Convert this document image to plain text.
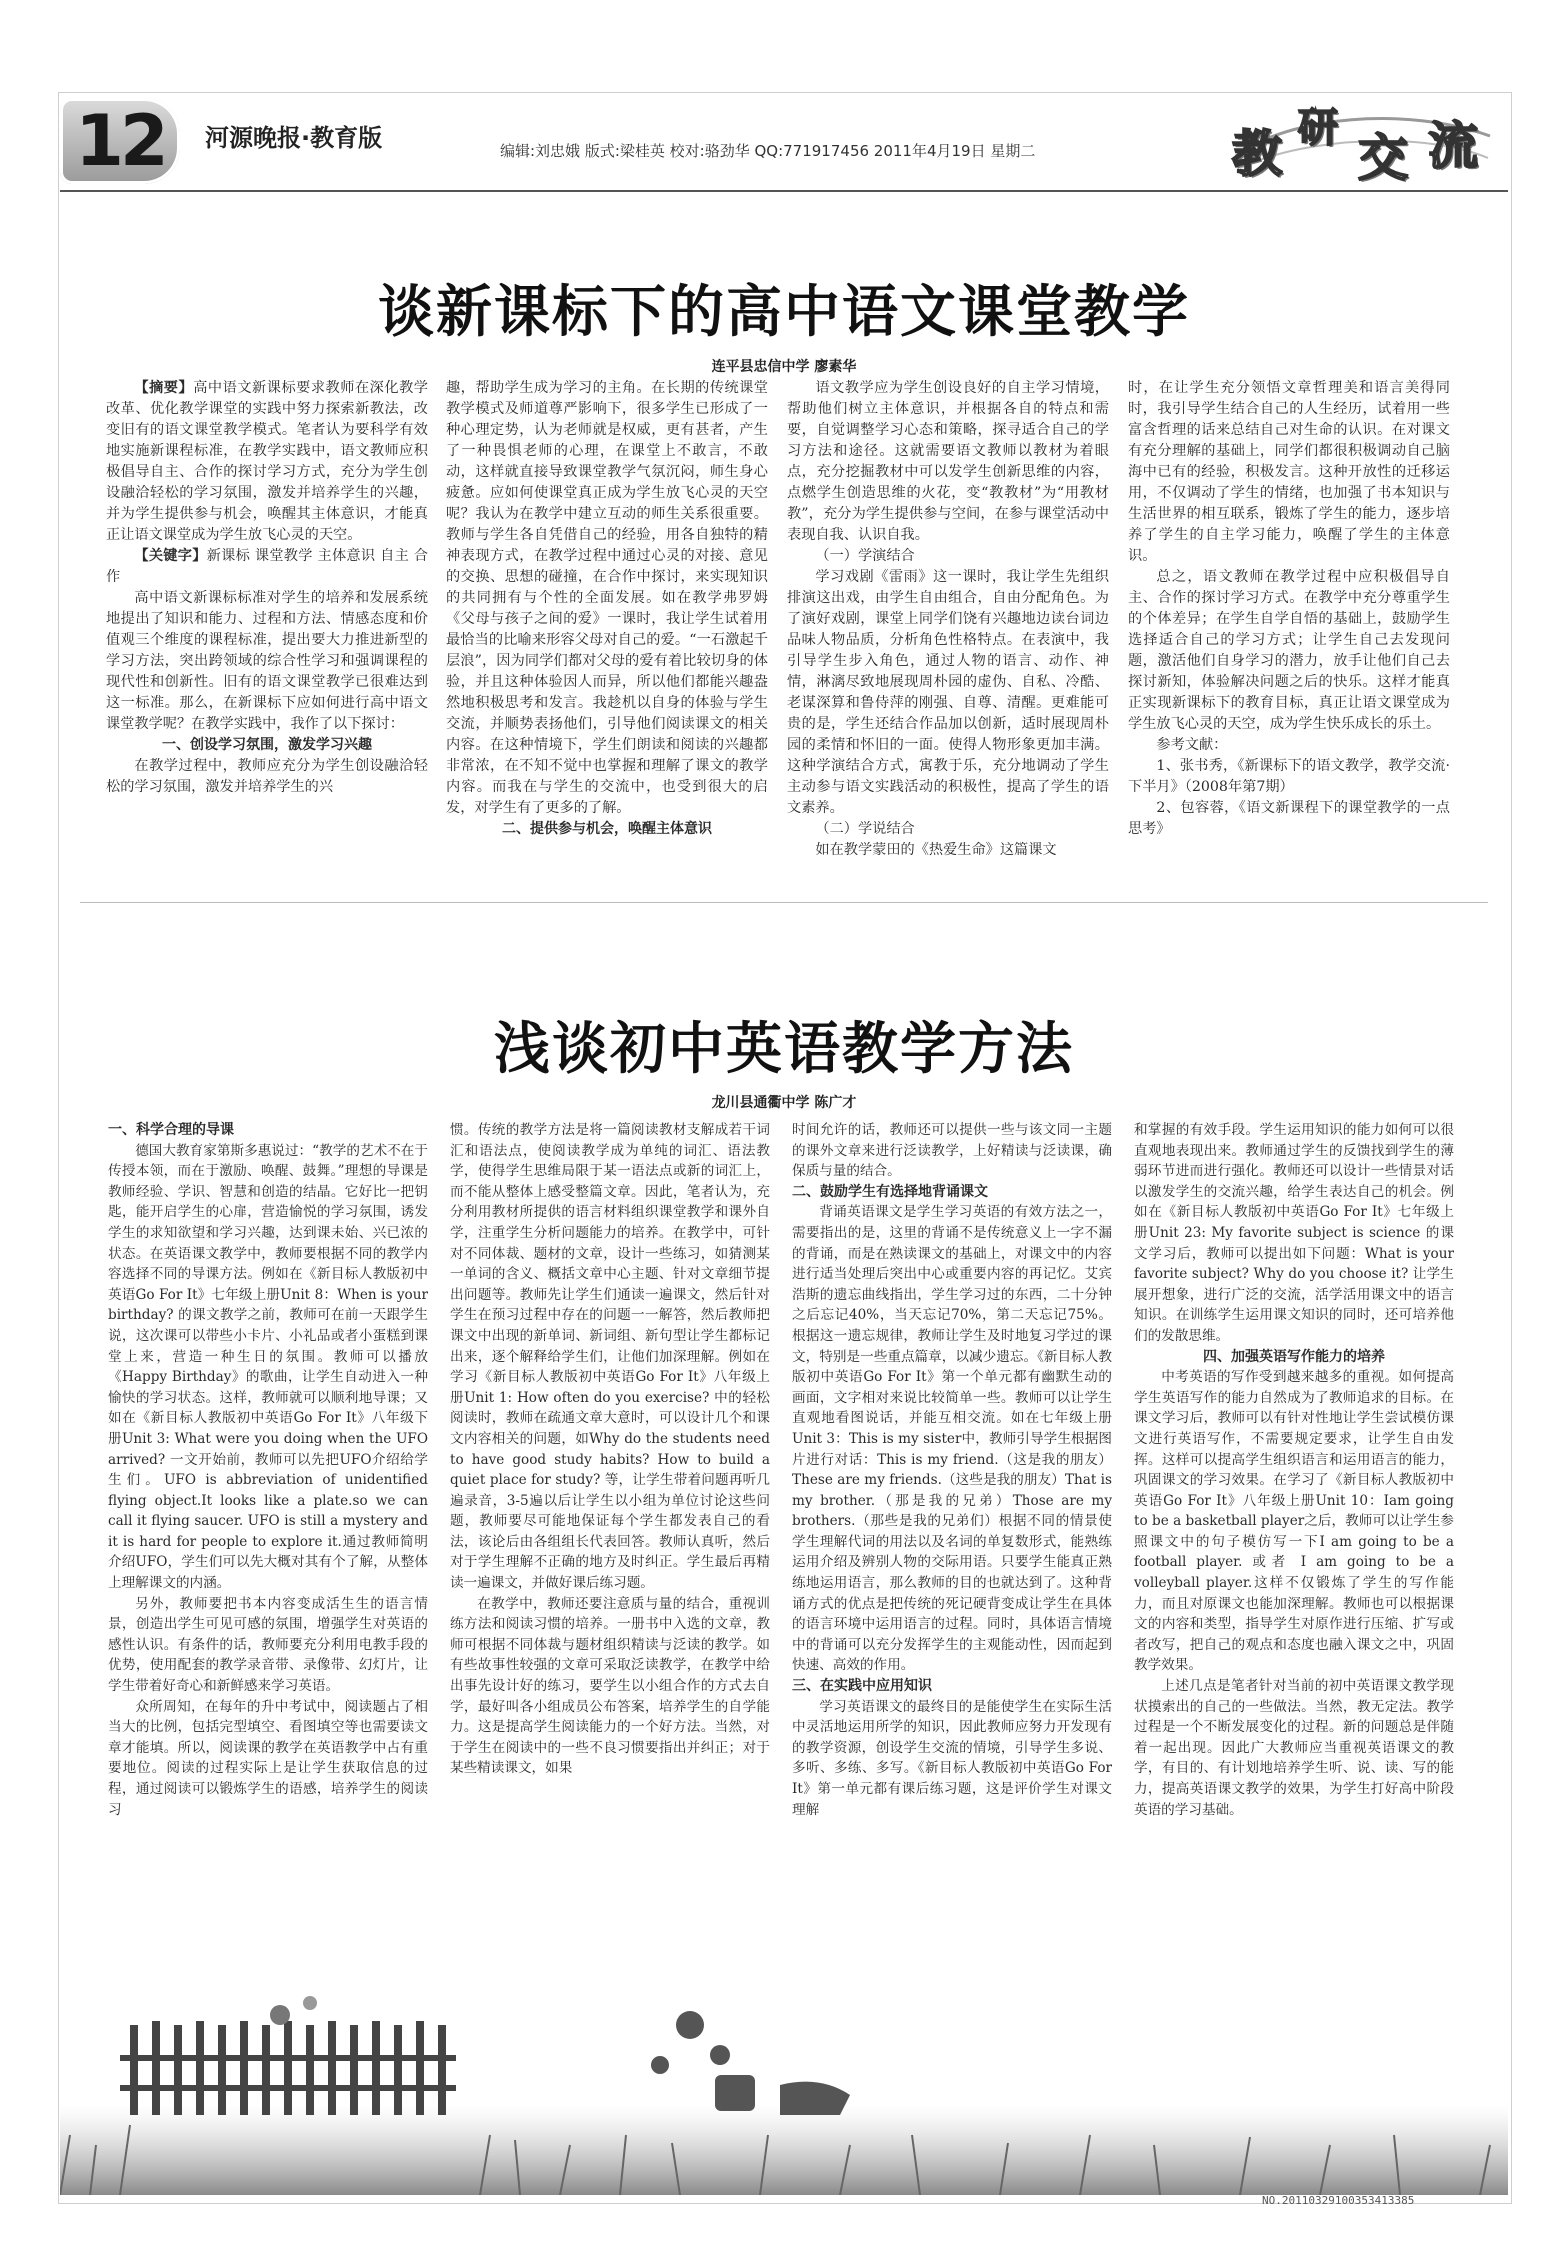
12	河源晚报·教育版	编辑:刘忠娥 版式:梁桂英 校对:骆劲华 QQ:771917456 2011年4月19日 星期二	教 研
交 流
谈新课标下的高中语文课堂教学
连平县忠信中学 廖素华

【摘要】高中语文新课标要求教师在深化教学改革、优化教学课堂的实践中努力探索新教法，改变旧有的语文课堂教学模式。笔者认为要科学有效地实施新课程标准，在教学实践中，语文教师应积极倡导自主、合作的探讨学习方式，充分为学生创设融洽轻松的学习氛围，激发并培养学生的兴趣，并为学生提供参与机会，唤醒其主体意识，才能真正让语文课堂成为学生放飞心灵的天空。

【关键字】新课标 课堂教学 主体意识 自主 合作

高中语文新课标标准对学生的培养和发展系统地提出了知识和能力、过程和方法、情感态度和价值观三个维度的课程标准，提出要大力推进新型的学习方法，突出跨领域的综合性学习和强调课程的现代性和创新性。旧有的语文课堂教学已很难达到这一标准。那么，在新课标下应如何进行高中语文课堂教学呢？在教学实践中，我作了以下探讨：

一、创设学习氛围，激发学习兴趣

在教学过程中，教师应充分为学生创设融洽轻松的学习氛围，激发并培养学生的兴

趣，帮助学生成为学习的主角。在长期的传统课堂教学模式及师道尊严影响下，很多学生已形成了一种心理定势，认为老师就是权威，更有甚者，产生了一种畏惧老师的心理，在课堂上不敢言，不敢动，这样就直接导致课堂教学气氛沉闷，师生身心疲惫。应如何使课堂真正成为学生放飞心灵的天空呢？我认为在教学中建立互动的师生关系很重要。教师与学生各自凭借自己的经验，用各自独特的精神表现方式，在教学过程中通过心灵的对接、意见的交换、思想的碰撞，在合作中探讨，来实现知识的共同拥有与个性的全面发展。如在教学弗罗姆《父母与孩子之间的爱》一课时，我让学生试着用最恰当的比喻来形容父母对自己的爱。“一石激起千层浪”，因为同学们都对父母的爱有着比较切身的体验，并且这种体验因人而异，所以他们都能兴趣盎然地积极思考和发言。我趁机以自身的体验与学生交流，并顺势表扬他们，引导他们阅读课文的相关内容。在这种情境下，学生们朗读和阅读的兴趣都非常浓，在不知不觉中也掌握和理解了课文的教学内容。而我在与学生的交流中，也受到很大的启发，对学生有了更多的了解。

二、提供参与机会，唤醒主体意识

语文教学应为学生创设良好的自主学习情境，帮助他们树立主体意识，并根据各自的特点和需要，自觉调整学习心态和策略，探寻适合自己的学习方法和途径。这就需要语文教师以教材为着眼点，充分挖掘教材中可以发学生创新思维的内容，点燃学生创造思维的火花，变“教教材”为“用教材教”，充分为学生提供参与空间，在参与课堂活动中表现自我、认识自我。

（一）学演结合

学习戏剧《雷雨》这一课时，我让学生先组织排演这出戏，由学生自由组合，自由分配角色。为了演好戏剧，课堂上同学们饶有兴趣地边读台词边品味人物品质，分析角色性格特点。在表演中，我引导学生步入角色，通过人物的语言、动作、神情，淋漓尽致地展现周朴园的虚伪、自私、冷酷、老谋深算和鲁侍萍的刚强、自尊、清醒。更难能可贵的是，学生还结合作品加以创新，适时展现周朴园的柔情和怀旧的一面。使得人物形象更加丰满。这种学演结合方式，寓教于乐，充分地调动了学生主动参与语文实践活动的积极性，提高了学生的语文素养。

（二）学说结合

如在教学蒙田的《热爱生命》这篇课文

时，在让学生充分领悟文章哲理美和语言美得同时，我引导学生结合自己的人生经历，试着用一些富含哲理的话来总结自己对生命的认识。在对课文有充分理解的基础上，同学们都很积极调动自己脑海中已有的经验，积极发言。这种开放性的迁移运用，不仅调动了学生的情绪，也加强了书本知识与生活世界的相互联系，锻炼了学生的能力，逐步培养了学生的自主学习能力，唤醒了学生的主体意识。

总之，语文教师在教学过程中应积极倡导自主、合作的探讨学习方式。在教学中充分尊重学生的个体差异；在学生自学自悟的基础上，鼓励学生选择适合自己的学习方式；让学生自己去发现问题，激活他们自身学习的潜力，放手让他们自己去探讨新知，体验解决问题之后的快乐。这样才能真正实现新课标下的教育目标，真正让语文课堂成为学生放飞心灵的天空，成为学生快乐成长的乐土。

参考文献：

1、张书秀，《新课标下的语文教学，教学交流·下半月》（2008年第7期）

2、包容蓉，《语文新课程下的课堂教学的一点思考》

浅谈初中英语教学方法
龙川县通衢中学 陈广才

一、科学合理的导课

德国大教育家第斯多惠说过：“教学的艺术不在于传授本领，而在于激励、唤醒、鼓舞。”理想的导课是教师经验、学识、智慧和创造的结晶。它好比一把钥匙，能开启学生的心扉，营造愉悦的学习氛围，诱发学生的求知欲望和学习兴趣，达到课未始、兴已浓的状态。在英语课文教学中，教师要根据不同的教学内容选择不同的导课方法。例如在《新目标人教版初中英语Go For It》七年级上册Unit 8：When is your birthday? 的课文教学之前，教师可在前一天跟学生说，这次课可以带些小卡片、小礼品或者小蛋糕到课堂上来，营造一种生日的氛围。教师可以播放《Happy Birthday》的歌曲，让学生自动进入一种愉快的学习状态。这样，教师就可以顺利地导课；又如在《新目标人教版初中英语Go For It》八年级下册Unit 3: What were you doing when the UFO arrived? 一文开始前，教师可以先把UFO介绍给学生们。UFO is abbreviation of unidentified flying object.It looks like a plate.so we can call it flying saucer. UFO is still a mystery and it is hard for people to explore it.通过教师简明介绍UFO，学生们可以先大概对其有个了解，从整体上理解课文的内涵。

另外，教师要把书本内容变成活生生的语言情景，创造出学生可见可感的氛围，增强学生对英语的感性认识。有条件的话，教师要充分利用电教手段的优势，使用配套的教学录音带、录像带、幻灯片，让学生带着好奇心和新鲜感来学习英语。

众所周知，在每年的升中考试中，阅读题占了相当大的比例，包括完型填空、看图填空等也需要读文章才能填。所以，阅读课的教学在英语教学中占有重要地位。阅读的过程实际上是让学生获取信息的过程，通过阅读可以锻炼学生的语感，培养学生的阅读习

惯。传统的教学方法是将一篇阅读教材支解成若干词汇和语法点，使阅读教学成为单纯的词汇、语法教学，使得学生思维局限于某一语法点或新的词汇上，而不能从整体上感受整篇文章。因此，笔者认为，充分利用教材所提供的语言材料组织课堂教学和课外自学，注重学生分析问题能力的培养。在教学中，可针对不同体裁、题材的文章，设计一些练习，如猜测某一单词的含义、概括文章中心主题、针对文章细节提出问题等。教师先让学生们通读一遍课文，然后针对学生在预习过程中存在的问题一一解答，然后教师把课文中出现的新单词、新词组、新句型让学生都标记出来，逐个解释给学生们，让他们加深理解。例如在学习《新目标人教版初中英语Go For It》八年级上册Unit 1: How often do you exercise? 中的轻松阅读时，教师在疏通文章大意时，可以设计几个和课文内容相关的问题，如Why do the students need to have good study habits? How to build a quiet place for study? 等，让学生带着问题再听几遍录音，3-5遍以后让学生以小组为单位讨论这些问题，教师要尽可能地保证每个学生都发表自己的看法，该论后由各组组长代表回答。教师认真听，然后对于学生理解不正确的地方及时纠正。学生最后再精读一遍课文，并做好课后练习题。

在教学中，教师还要注意质与量的结合，重视训练方法和阅读习惯的培养。一册书中入选的文章，教师可根据不同体裁与题材组织精读与泛读的教学。如有些故事性较强的文章可采取泛读教学，在教学中给出事先设计好的练习，要学生以小组合作的方式去自学，最好叫各小组成员公布答案，培养学生的自学能力。这是提高学生阅读能力的一个好方法。当然，对于学生在阅读中的一些不良习惯要指出并纠正；对于某些精读课文，如果

时间允许的话，教师还可以提供一些与该文同一主题的课外文章来进行泛读教学，上好精读与泛读课，确保质与量的结合。

二、鼓励学生有选择地背诵课文

背诵英语课文是学生学习英语的有效方法之一，需要指出的是，这里的背诵不是传统意义上一字不漏的背诵，而是在熟读课文的基础上，对课文中的内容进行适当处理后突出中心或重要内容的再记忆。艾宾浩斯的遗忘曲线指出，学生学习过的东西，二十分钟之后忘记40%，当天忘记70%，第二天忘记75%。根据这一遗忘规律，教师让学生及时地复习学过的课文，特别是一些重点篇章，以减少遗忘。《新目标人教版初中英语Go For It》第一个单元都有幽默生动的画面，文字相对来说比较简单一些。教师可以让学生直观地看图说话，并能互相交流。如在七年级上册Unit 3：This is my sister中，教师引导学生根据图片进行对话：This is my friend.（这是我的朋友）These are my friends.（这些是我的朋友）That is my brother.（那是我的兄弟）Those are my brothers.（那些是我的兄弟们）根据不同的情景使学生理解代词的用法以及名词的单复数形式，能熟练运用介绍及辨别人物的交际用语。只要学生能真正熟练地运用语言，那么教师的目的也就达到了。这种背诵方式的优点是把传统的死记硬背变成让学生在具体的语言环境中运用语言的过程。同时，具体语言情境中的背诵可以充分发挥学生的主观能动性，因而起到快速、高效的作用。

三、在实践中应用知识

学习英语课文的最终目的是能使学生在实际生活中灵活地运用所学的知识，因此教师应努力开发现有的教学资源，创设学生交流的情境，引导学生多说、多听、多练、多写。《新目标人教版初中英语Go For It》第一单元都有课后练习题，这是评价学生对课文理解

和掌握的有效手段。学生运用知识的能力如何可以很直观地表现出来。教师通过学生的反馈找到学生的薄弱环节进而进行强化。教师还可以设计一些情景对话以激发学生的交流兴趣，给学生表达自己的机会。例如在《新目标人教版初中英语Go For It》七年级上册Unit 23: My favorite subject is science 的课文学习后，教师可以提出如下问题：What is your favorite subject? Why do you choose it? 让学生展开想象，进行广泛的交流，活学活用课文中的语言知识。在训练学生运用课文知识的同时，还可培养他们的发散思维。

四、加强英语写作能力的培养

中考英语的写作受到越来越多的重视。如何提高学生英语写作的能力自然成为了教师追求的目标。在课文学习后，教师可以有针对性地让学生尝试模仿课文进行英语写作，不需要规定要求，让学生自由发挥。这样可以提高学生组织语言和运用语言的能力，巩固课文的学习效果。在学习了《新目标人教版初中英语Go For It》八年级上册Unit 10：Iam going to be a basketball player之后，教师可以让学生参照课文中的句子模仿写一下I am going to be a football player. 或者 I am going to be a volleyball player.这样不仅锻炼了学生的写作能力，而且对原课文也能加深理解。教师也可以根据课文的内容和类型，指导学生对原作进行压缩、扩写或者改写，把自己的观点和态度也融入课文之中，巩固教学效果。

上述几点是笔者针对当前的初中英语课文教学现状摸索出的自己的一些做法。当然，教无定法。教学过程是一个不断发展变化的过程。新的问题总是伴随着一起出现。因此广大教师应当重视英语课文的教学，有目的、有计划地培养学生听、说、读、写的能力，提高英语课文教学的效果，为学生打好高中阶段英语的学习基础。

NO.20110329100353413385
